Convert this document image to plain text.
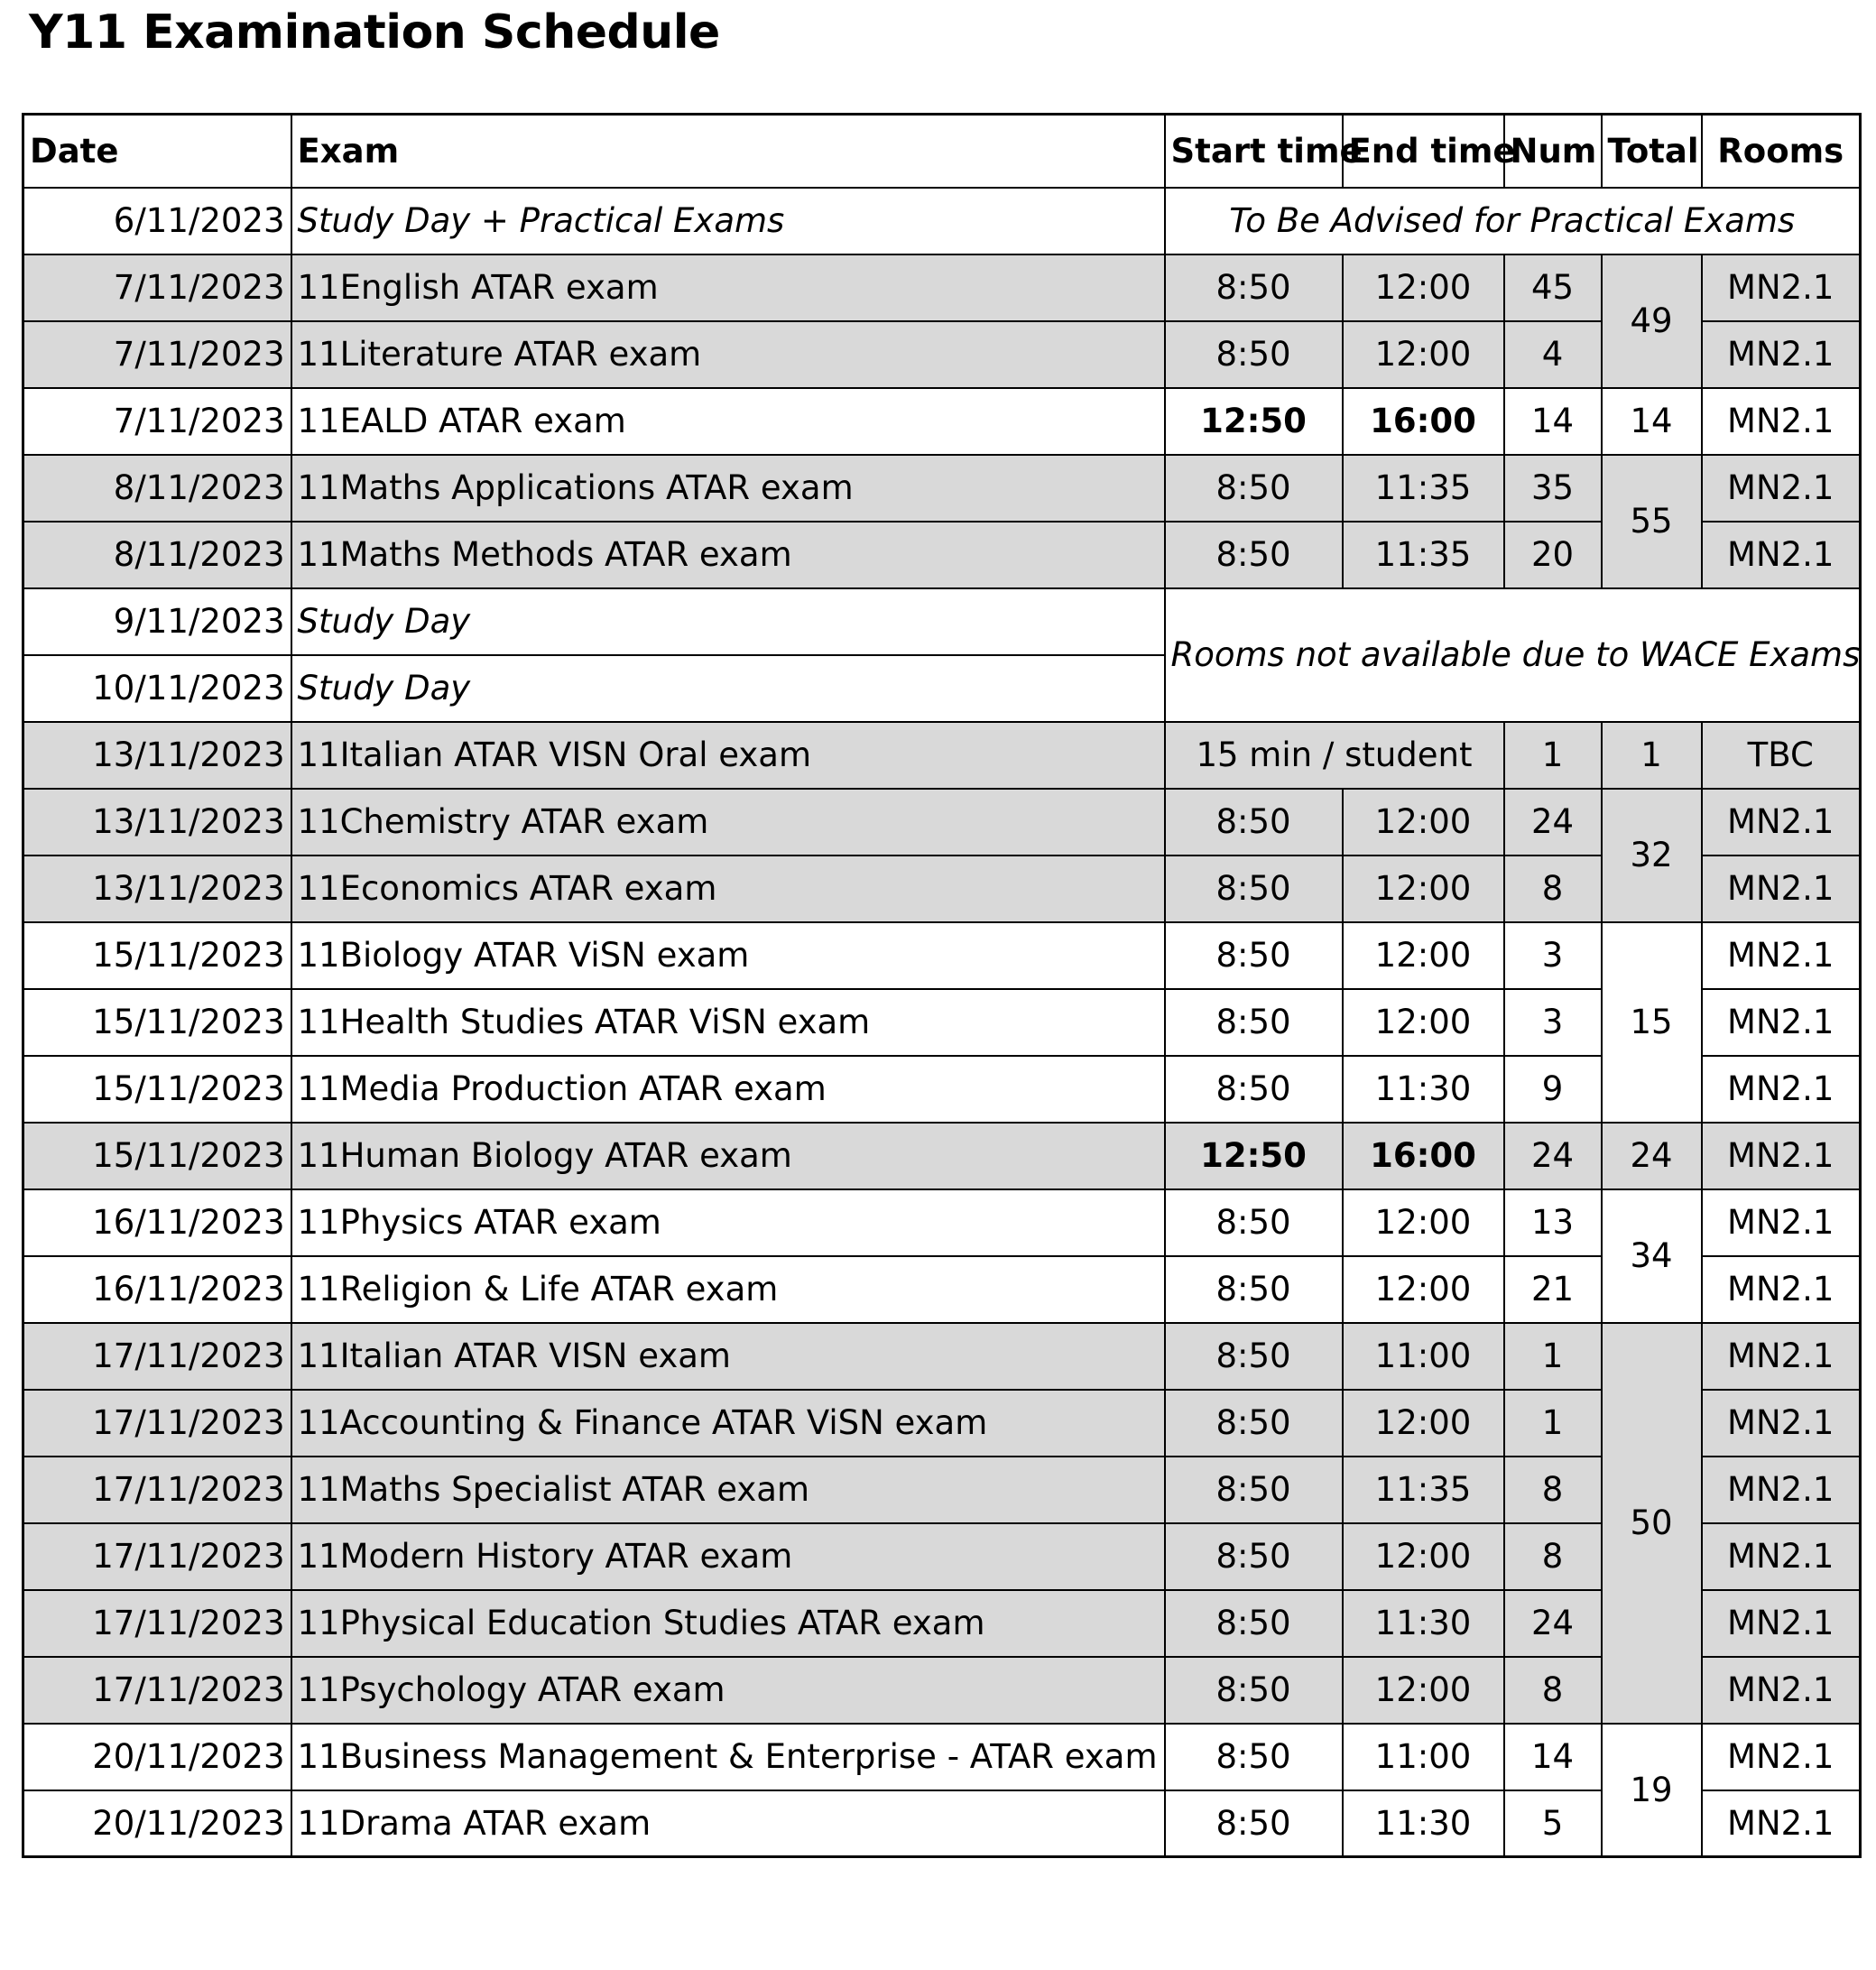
Y11 Examination Schedule
Date	Exam	Start time	End time	Num	Total	Rooms
6/11/2023	Study Day + Practical Exams	To Be Advised for Practical Exams				
7/11/2023	11English ATAR exam	8:50	12:00	45	49	MN2.1
7/11/2023	11Literature ATAR exam	8:50	12:00	4		MN2.1
7/11/2023	11EALD ATAR exam	12:50	16:00	14	14	MN2.1
8/11/2023	11Maths Applications ATAR exam	8:50	11:35	35	55	MN2.1
8/11/2023	11Maths Methods ATAR exam	8:50	11:35	20		MN2.1
9/11/2023	Study Day	Rooms not available due to WACE Exams				
10/11/2023	Study Day					
13/11/2023	11Italian ATAR VISN Oral exam	15 min / student		1	1	TBC
13/11/2023	11Chemistry ATAR exam	8:50	12:00	24	32	MN2.1
13/11/2023	11Economics ATAR exam	8:50	12:00	8		MN2.1
15/11/2023	11Biology ATAR ViSN exam	8:50	12:00	3	15	MN2.1
15/11/2023	11Health Studies ATAR ViSN exam	8:50	12:00	3		MN2.1
15/11/2023	11Media Production ATAR exam	8:50	11:30	9		MN2.1
15/11/2023	11Human Biology ATAR exam	12:50	16:00	24	24	MN2.1
16/11/2023	11Physics ATAR exam	8:50	12:00	13	34	MN2.1
16/11/2023	11Religion & Life ATAR exam	8:50	12:00	21		MN2.1
17/11/2023	11Italian ATAR VISN exam	8:50	11:00	1	50	MN2.1
17/11/2023	11Accounting & Finance ATAR ViSN exam	8:50	12:00	1		MN2.1
17/11/2023	11Maths Specialist ATAR exam	8:50	11:35	8		MN2.1
17/11/2023	11Modern History ATAR exam	8:50	12:00	8		MN2.1
17/11/2023	11Physical Education Studies ATAR exam	8:50	11:30	24		MN2.1
17/11/2023	11Psychology ATAR exam	8:50	12:00	8		MN2.1
20/11/2023	11Business Management & Enterprise - ATAR exam	8:50	11:00	14	19	MN2.1
20/11/2023	11Drama ATAR exam	8:50	11:30	5		MN2.1
